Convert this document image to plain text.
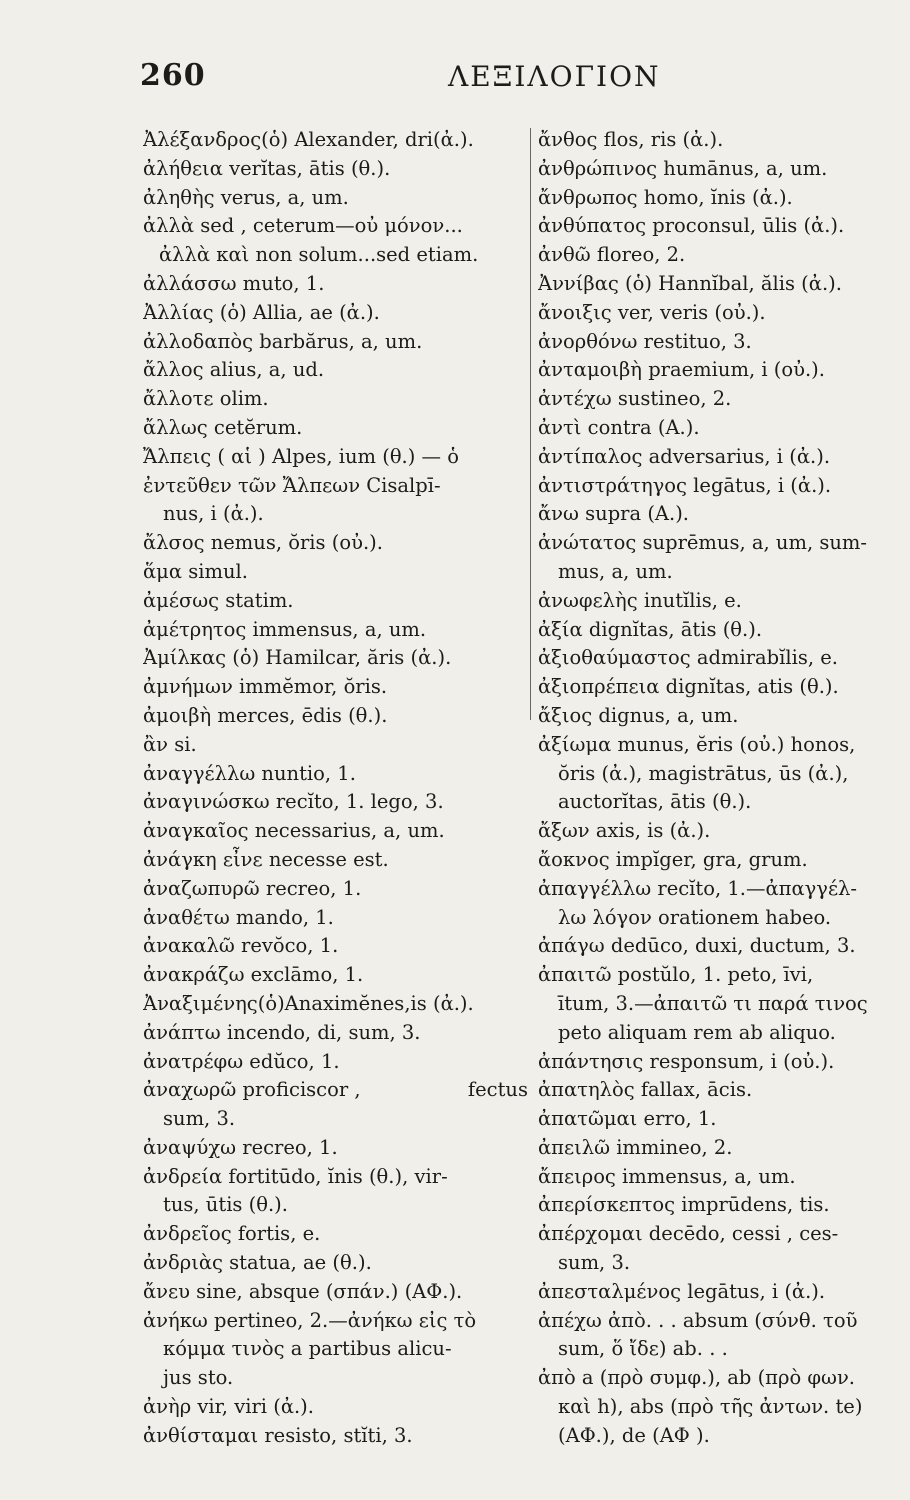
260	ΛΕΞΙΛΟΓΙΟΝ
Ἀλέξανδρος(ὁ) Alexander, dri(ἀ.).
ἀλήθεια verĭtas, ātis (θ.).
ἀληθὴς verus, a, um.
ἀλλὰ sed , ceterum—οὐ μόνον...
ἀλλὰ καὶ non solum...sed etiam.
ἀλλάσσω muto, 1.
Ἀλλίας (ὁ) Allia, ae (ἀ.).
ἀλλοδαπὸς barbărus, a, um.
ἄλλος alius, a, ud.
ἄλλοτε olim.
ἄλλως cetĕrum.
Ἄλπεις ( αἱ ) Alpes, ium (θ.) — ὁ
ἐντεῦθεν τῶν Ἄλπεων Cisalpī-
nus, i (ἀ.).
ἄλσος nemus, ŏris (οὐ.).
ἅμα simul.
ἀμέσως statim.
ἀμέτρητος immensus, a, um.
Ἀμίλκας (ὁ) Hamilcar, ăris (ἀ.).
ἀμνήμων immĕmor, ŏris.
ἀμοιβὴ merces, ēdis (θ.).
ἂν si.
ἀναγγέλλω nuntio, 1.
ἀναγινώσκω recĭto, 1. lego, 3.
ἀναγκαῖος necessarius, a, um.
ἀνάγκη εἶνε necesse est.
ἀναζωπυρῶ recreo, 1.
ἀναθέτω mando, 1.
ἀνακαλῶ revŏco, 1.
ἀνακράζω exclāmo, 1.
Ἀναξιμένης(ὁ)Anaximĕnes,is (ἀ.).
ἀνάπτω incendo, di, sum, 3.
ἀνατρέφω edŭco, 1.
ἀναχωρῶ proficiscor ,	fectus
sum, 3.
ἀναψύχω recreo, 1.
ἀνδρεία fortitūdo, ĭnis (θ.), vir-
tus, ūtis (θ.).
ἀνδρεῖος fortis, e.
ἀνδριὰς statua, ae (θ.).
ἄνευ sine, absque (σπάν.) (ΑΦ.).
ἀνήκω pertineo, 2.—ἀνήκω εἰς τὸ
κόμμα τινὸς a partibus alicu-
jus sto.
ἀνὴρ vir, viri (ἀ.).
ἀνθίσταμαι resisto, stĭti, 3.
ἄνθος flos, ris (ἀ.).
ἀνθρώπινος humānus, a, um.
ἄνθρωπος homo, ĭnis (ἀ.).
ἀνθύπατος proconsul, ūlis (ἀ.).
ἀνθῶ floreo, 2.
Ἀννίβας (ὁ) Hannĭbal, ălis (ἀ.).
ἄνοιξις ver, veris (οὐ.).
ἀνορθόνω restituo, 3.
ἀνταμοιβὴ praemium, i (οὐ.).
ἀντέχω sustineo, 2.
ἀντὶ contra (Α.).
ἀντίπαλος adversarius, i (ἀ.).
ἀντιστράτηγος legātus, i (ἀ.).
ἄνω supra (Α.).
ἀνώτατος suprēmus, a, um, sum-
mus, a, um.
ἀνωφελὴς inutĭlis, e.
ἀξία dignĭtas, ātis (θ.).
ἀξιοθαύμαστος admirabĭlis, e.
ἀξιοπρέπεια dignĭtas, atis (θ.).
ἄξιος dignus, a, um.
ἀξίωμα munus, ĕris (οὐ.) honos,
ŏris (ἀ.), magistrātus, ūs (ἀ.),
auctorĭtas, ātis (θ.).
ἄξων axis, is (ἀ.).
ἄοκνος impĭger, gra, grum.
ἀπαγγέλλω recĭto, 1.—ἀπαγγέλ-
λω λόγον orationem habeo.
ἀπάγω dedūco, duxi, ductum, 3.
ἀπαιτῶ postŭlo, 1. peto, īvi,
ītum, 3.—ἀπαιτῶ τι παρά τινος
peto aliquam rem ab aliquo.
ἀπάντησις responsum, i (οὐ.).
ἀπατηλὸς fallax, ācis.
ἀπατῶμαι erro, 1.
ἀπειλῶ immineo, 2.
ἄπειρος immensus, a, um.
ἀπερίσκεπτος imprūdens, tis.
ἀπέρχομαι decēdo, cessi , ces-
sum, 3.
ἀπεσταλμένος legātus, i (ἀ.).
ἀπέχω ἀπὸ. . . absum (σύνθ. τοῦ
sum, ὅ ἴδε) ab. . .
ἀπὸ a (πρὸ συμφ.), ab (πρὸ φων.
καὶ h), abs (πρὸ τῆς ἀντων. te)
(ΑΦ.), de (ΑΦ ).
